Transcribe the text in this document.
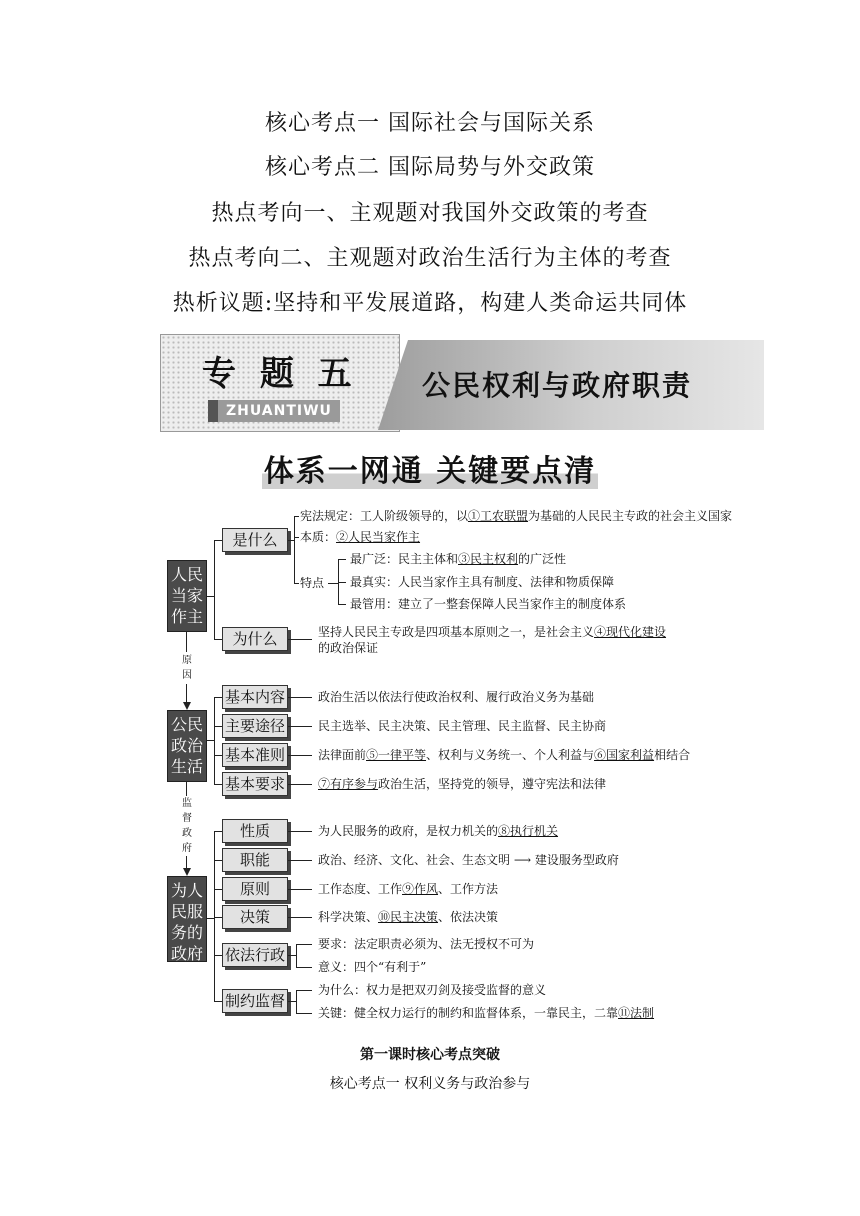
核心考点一 国际社会与国际关系
核心考点二 国际局势与外交政策
热点考向一、主观题对我国外交政策的考查
热点考向二、主观题对政治生活行为主体的考查
热析议题:坚持和平发展道路，构建人类命运共同体
专 题 五
ZHUANTIWU
公民权利与政府职责
体系一网通 关键要点清
人民
当家
作主
公民
政治
生活
为人
民服
务的
政府
原
因
监
督
政
府
是什么
为什么
宪法规定：工人阶级领导的，以①工农联盟为基础的人民民主专政的社会主义国家
本质：②人民当家作主
特点
最广泛：民主主体和③民主权利的广泛性
最真实：人民当家作主具有制度、法律和物质保障
最管用：建立了一整套保障人民当家作主的制度体系
坚持人民民主专政是四项基本原则之一，是社会主义④现代化建设
的政治保证
基本内容
主要途径
基本准则
基本要求
政治生活以依法行使政治权利、履行政治义务为基础
民主选举、民主决策、民主管理、民主监督、民主协商
法律面前⑤一律平等、权利与义务统一、个人利益与⑥国家利益相结合
⑦有序参与政治生活，坚持党的领导，遵守宪法和法律
性质
职能
原则
决策
依法行政
制约监督
为人民服务的政府，是权力机关的⑧执行机关
政治、经济、文化、社会、生态文明 ⟶ 建设服务型政府
工作态度、工作⑨作风、工作方法
科学决策、⑩民主决策、依法决策
要求：法定职责必须为、法无授权不可为
意义：四个“有利于”
为什么：权力是把双刃剑及接受监督的意义
关键：健全权力运行的制约和监督体系，一靠民主，二靠⑪法制
第一课时核心考点突破
核心考点一 权利义务与政治参与
